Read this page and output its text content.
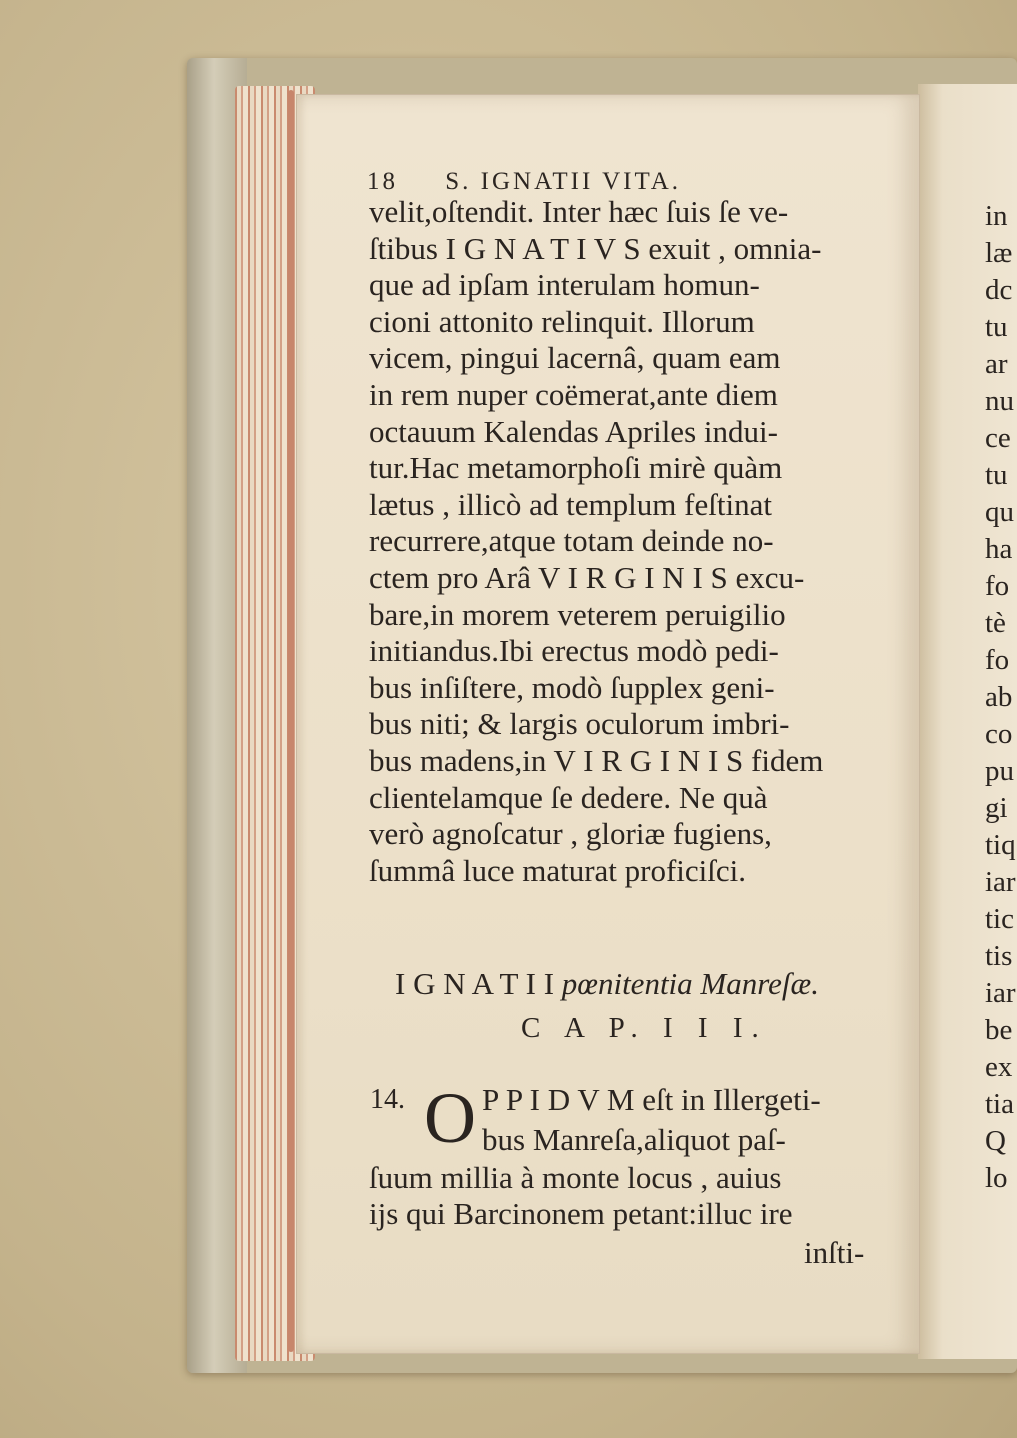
18 S. IGNATII VITA.
velit,oſtendit. Inter hæc ſuis ſe ve-
ſtibus I G N A T I V S exuit , omnia-
que ad ipſam interulam homun-
cioni attonito relinquit. Illorum
vicem, pingui lacernâ, quam eam
in rem nuper coëmerat,ante diem
octauum Kalendas Apriles indui-
tur.Hac metamorphoſi mirè quàm
lætus , illicò ad templum feſtinat
recurrere,atque totam deinde no-
ctem pro Arâ V I R G I N I S excu-
bare,in morem veterem peruigilio
initiandus.Ibi erectus modò pedi-
bus inſiſtere, modò ſupplex geni-
bus niti; & largis oculorum imbri-
bus madens,in V I R G I N I S fidem
clientelamque ſe dedere. Ne quà
verò agnoſcatur , gloriæ fugiens,
ſummâ luce maturat proficiſci.
I G N A T I I pœnitentia Manreſæ.
C A P. I I I.
14. O P P I D V M eſt in Illergeti-
bus Manreſa,aliquot paſ-
ſuum millia à monte locus , auius
ijs qui Barcinonem petant:illuc ire
inſti-
in
læ
dc
tu
ar
nu
ce
tu
qu
ha
fo
tè
fo
ab
co
pu
gi
tiq
iar
tic
tis
iar
be
ex
tia
Q
lo
